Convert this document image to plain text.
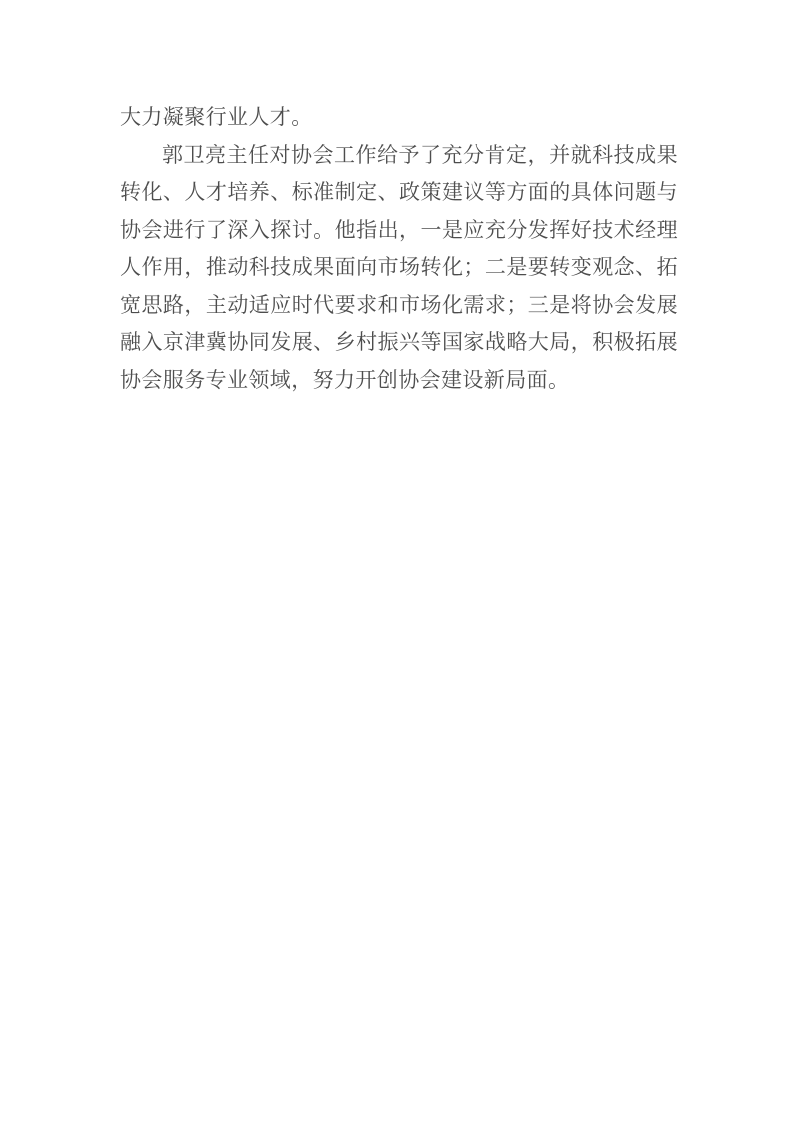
大力凝聚行业人才。

郭卫亮主任对协会工作给予了充分肯定，并就科技成果转化、人才培养、标准制定、政策建议等方面的具体问题与协会进行了深入探讨。他指出，一是应充分发挥好技术经理人作用，推动科技成果面向市场转化；二是要转变观念、拓宽思路，主动适应时代要求和市场化需求；三是将协会发展融入京津冀协同发展、乡村振兴等国家战略大局，积极拓展协会服务专业领域，努力开创协会建设新局面。
